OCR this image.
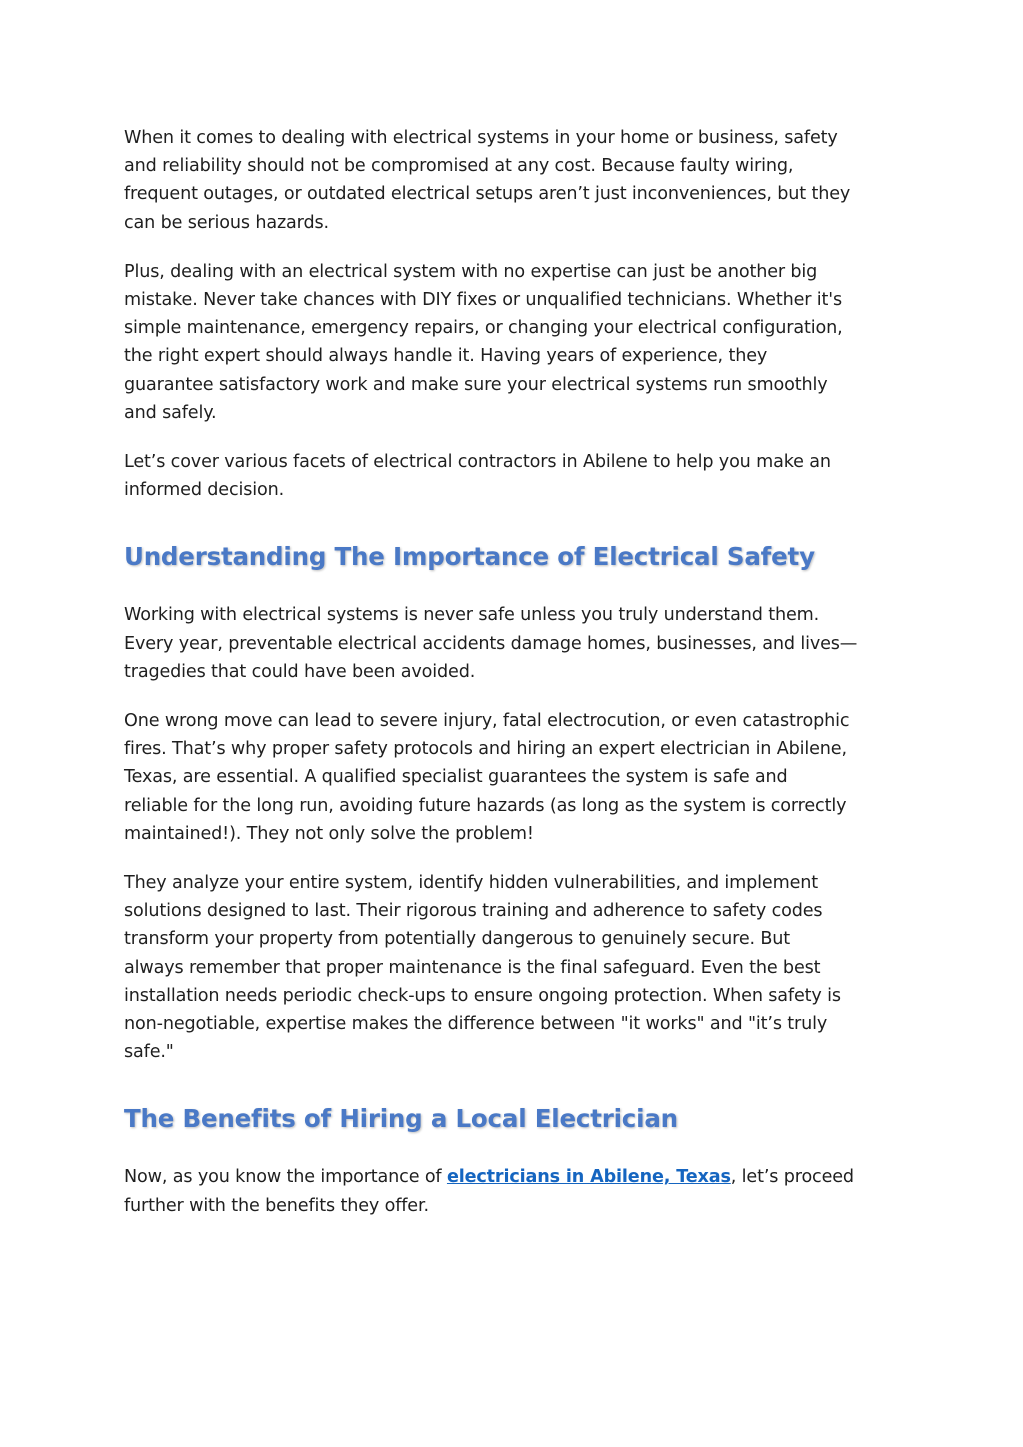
When it comes to dealing with electrical systems in your home or business, safety
and reliability should not be compromised at any cost. Because faulty wiring,
frequent outages, or outdated electrical setups aren’t just inconveniences, but they
can be serious hazards.

Plus, dealing with an electrical system with no expertise can just be another big
mistake. Never take chances with DIY fixes or unqualified technicians. Whether it's
simple maintenance, emergency repairs, or changing your electrical configuration,
the right expert should always handle it. Having years of experience, they
guarantee satisfactory work and make sure your electrical systems run smoothly
and safely.

Let’s cover various facets of electrical contractors in Abilene to help you make an
informed decision.

Understanding The Importance of Electrical Safety

Working with electrical systems is never safe unless you truly understand them.
Every year, preventable electrical accidents damage homes, businesses, and lives—
tragedies that could have been avoided.

One wrong move can lead to severe injury, fatal electrocution, or even catastrophic
fires. That’s why proper safety protocols and hiring an expert electrician in Abilene,
Texas, are essential. A qualified specialist guarantees the system is safe and
reliable for the long run, avoiding future hazards (as long as the system is correctly
maintained!). They not only solve the problem!

They analyze your entire system, identify hidden vulnerabilities, and implement
solutions designed to last. Their rigorous training and adherence to safety codes
transform your property from potentially dangerous to genuinely secure. But
always remember that proper maintenance is the final safeguard. Even the best
installation needs periodic check-ups to ensure ongoing protection. When safety is
non-negotiable, expertise makes the difference between "it works" and "it’s truly
safe."

The Benefits of Hiring a Local Electrician

Now, as you know the importance of electricians in Abilene, Texas, let’s proceed
further with the benefits they offer.
